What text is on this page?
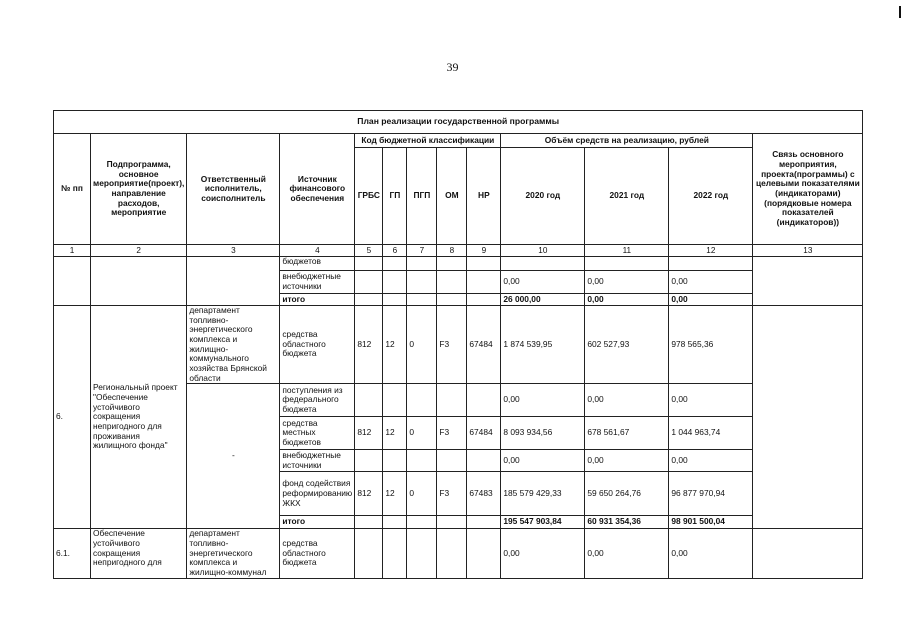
39
План реализации государственной программы												
№ пп	Подпрограмма, основное мероприятие(проект), направление расходов, мероприятие	Ответственный исполнитель, соисполнитель	Источник финансового обеспечения	Код бюджетной классификации					Объём средств на реализацию, рублей			Связь основного мероприятия, проекта(программы) с целевыми показателями (индикаторами) (порядковые номера показателей (индикаторов))
				ГРБС	ГП	ПГП	ОМ	НР	2020 год	2021 год	2022 год	
1	2	3	4	5	6	7	8	9	10	11	12	13
			бюджетов									
			внебюджетные источники						0,00	0,00	0,00	
			итого						26 000,00	0,00	0,00	
6.	Региональный проект "Обеспечение устойчивого сокращения непригодного для проживания жилищного фонда"	департамент топливно-энергетического комплекса и жилищно-коммунального хозяйства Брянской области	средства областного бюджета	812	12	0	F3	67484	1 874 539,95	602 527,93	978 565,36	
		-	поступления из федерального бюджета						0,00	0,00	0,00	
			средства местных бюджетов	812	12	0	F3	67484	8 093 934,56	678 561,67	1 044 963,74	
			внебюджетные источники						0,00	0,00	0,00	
			фонд содействия реформированию ЖКХ	812	12	0	F3	67483	185 579 429,33	59 650 264,76	96 877 970,94	
			итого						195 547 903,84	60 931 354,36	98 901 500,04	
6.1.	Обеспечение устойчивого сокращения непригодного для	департамент топливно-энергетического комплекса и жилищно-коммунал	средства областного бюджета						0,00	0,00	0,00	
